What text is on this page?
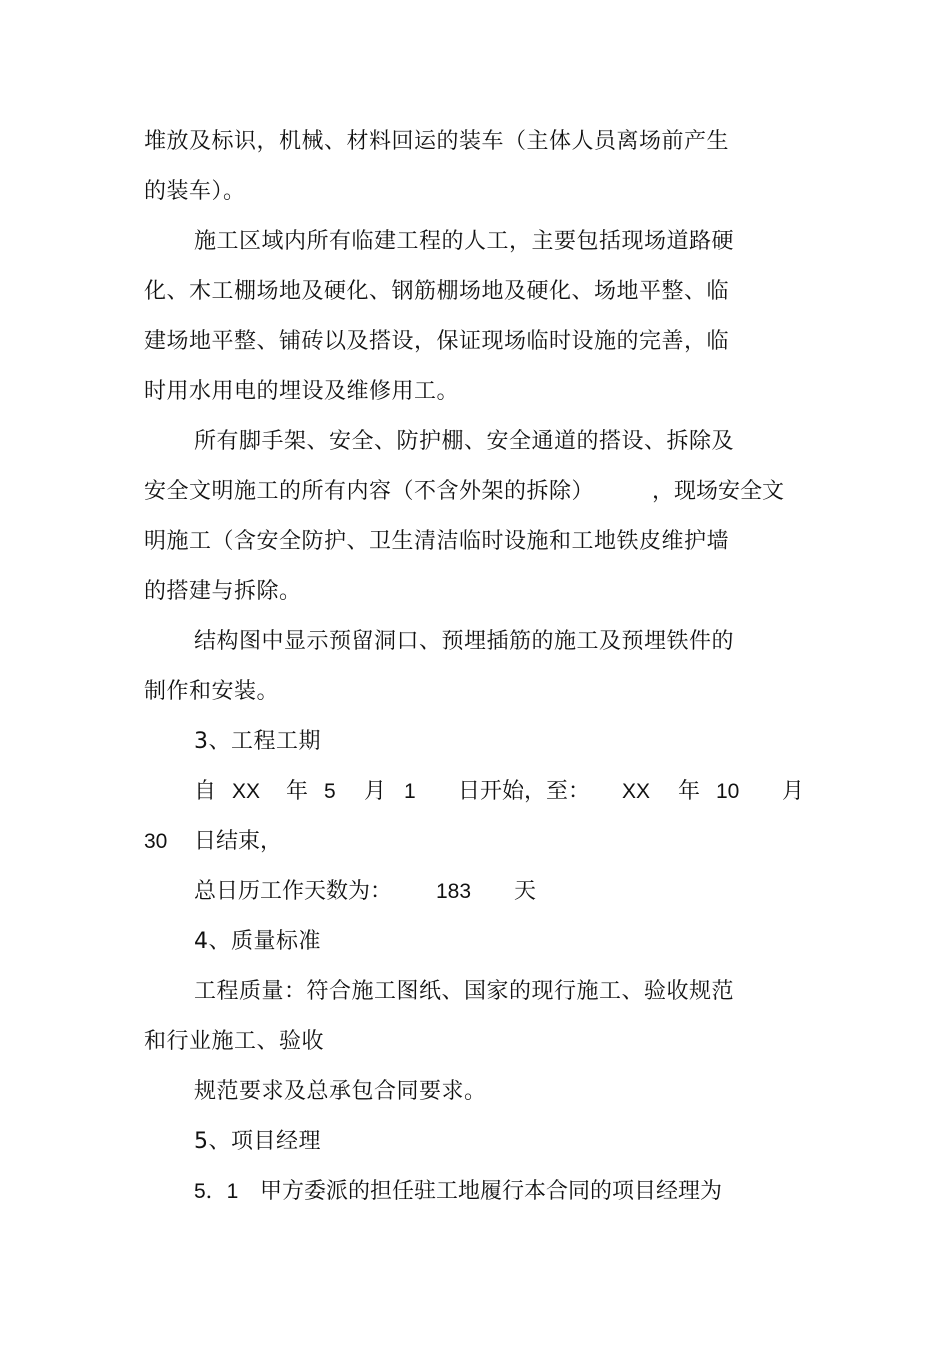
堆放及标识，机械、材料回运的装车（主体人员离场前产生
的装车）。
施工区域内所有临建工程的人工，主要包括现场道路硬
化、木工棚场地及硬化、钢筋棚场地及硬化、场地平整、临
建场地平整、铺砖以及搭设，保证现场临时设施的完善，临
时用水用电的埋设及维修用工。
所有脚手架、安全、防护棚、安全通道的搭设、拆除及
安全文明施工的所有内容（不含外架的拆除）	，现场安全文
明施工（含安全防护、卫生清洁临时设施和工地铁皮维护墙
的搭建与拆除。
结构图中显示预留洞口、预埋插筋的施工及预埋铁件的
制作和安装。
3、工程工期
自 XX 年 5 月 1 日开始，至： XX 年 10 月
30 日结束，
总日历工作天数为： 183 天
4、质量标准
工程质量：符合施工图纸、国家的现行施工、验收规范
和行业施工、验收
规范要求及总承包合同要求。
5、项目经理
5．1 甲方委派的担任驻工地履行本合同的项目经理为
